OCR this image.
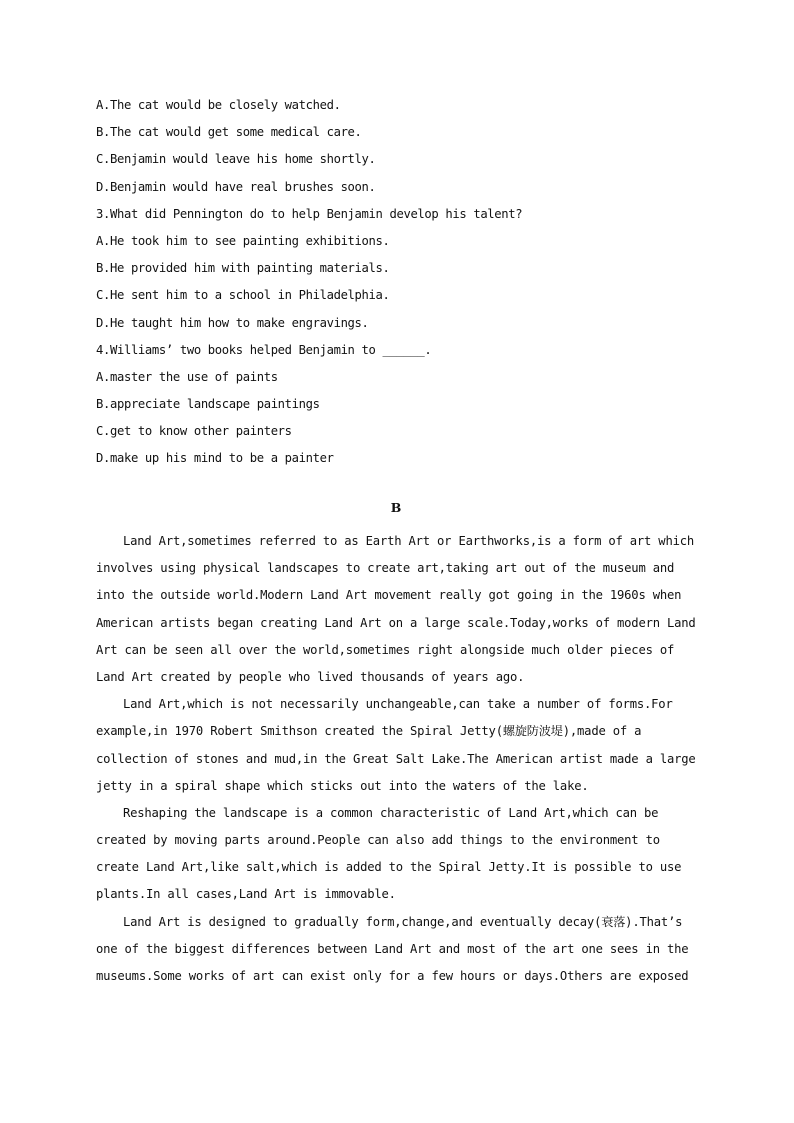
A.The cat would be closely watched.
B.The cat would get some medical care.
C.Benjamin would leave his home shortly.
D.Benjamin would have real brushes soon.
3.What did Pennington do to help Benjamin develop his talent?
A.He took him to see painting exhibitions.
B.He provided him with painting materials.
C.He sent him to a school in Philadelphia.
D.He taught him how to make engravings.
4.Williams’ two books helped Benjamin to ______.
A.master the use of paints
B.appreciate landscape paintings
C.get to know other painters
D.make up his mind to be a painter
B
Land Art,sometimes referred to as Earth Art or Earthworks,is a form of art which
involves using physical landscapes to create art,taking art out of the museum and
into the outside world.Modern Land Art movement really got going in the 1960s when
American artists began creating Land Art on a large scale.Today,works of modern Land
Art can be seen all over the world,sometimes right alongside much older pieces of
Land Art created by people who lived thousands of years ago.
Land Art,which is not necessarily unchangeable,can take a number of forms.For
example,in 1970 Robert Smithson created the Spiral Jetty(螺旋防波堤),made of a
collection of stones and mud,in the Great Salt Lake.The American artist made a large
jetty in a spiral shape which sticks out into the waters of the lake.
Reshaping the landscape is a common characteristic of Land Art,which can be
created by moving parts around.People can also add things to the environment to
create Land Art,like salt,which is added to the Spiral Jetty.It is possible to use
plants.In all cases,Land Art is immovable.
Land Art is designed to gradually form,change,and eventually decay(衰落).That’s
one of the biggest differences between Land Art and most of the art one sees in the
museums.Some works of art can exist only for a few hours or days.Others are exposed
